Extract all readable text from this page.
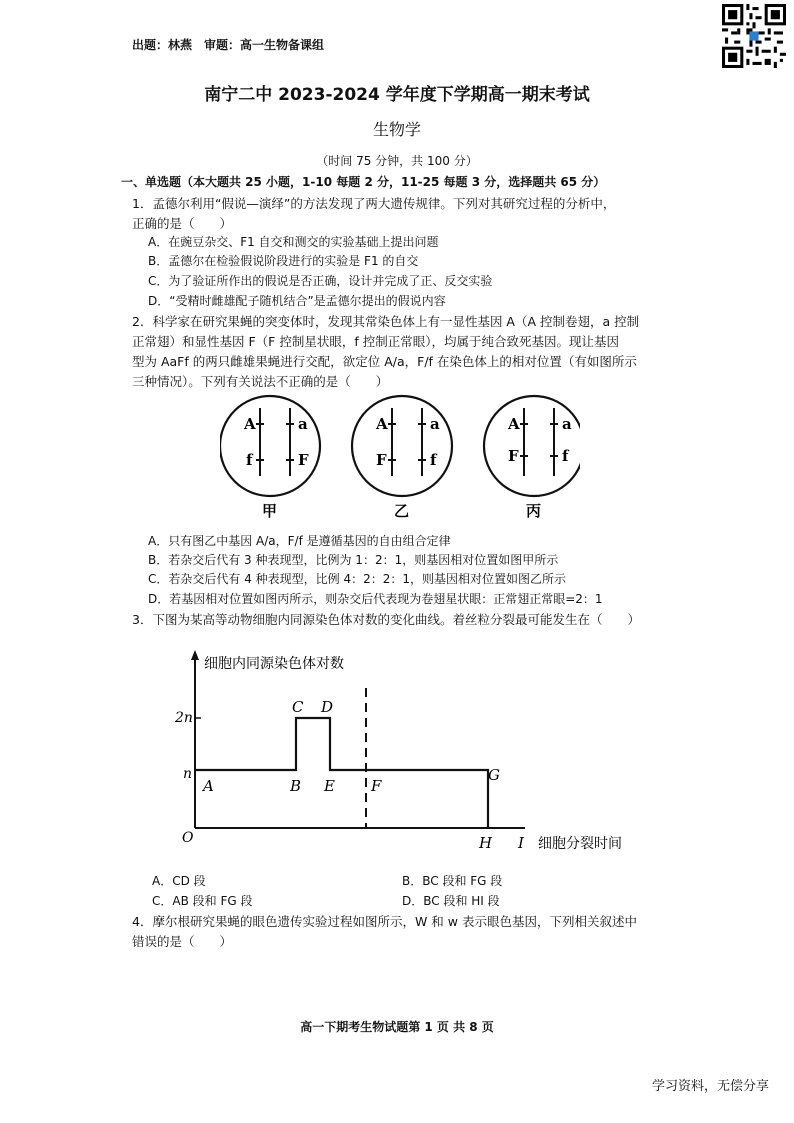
出题：林燕　审题：高一生物备课组
南宁二中 2023-2024 学年度下学期高一期末考试
生物学
（时间 75 分钟，共 100 分）
一、单选题（本大题共 25 小题，1-10 每题 2 分，11-25 每题 3 分，选择题共 65 分）
1．孟德尔利用“假说—演绎”的方法发现了两大遗传规律。下列对其研究过程的分析中，
正确的是（　　）
A．在豌豆杂交、F1 自交和测交的实验基础上提出问题
B．孟德尔在检验假说阶段进行的实验是 F1 的自交
C．为了验证所作出的假说是否正确，设计并完成了正、反交实验
D．“受精时雌雄配子随机结合”是孟德尔提出的假说内容
2．科学家在研究果蝇的突变体时，发现其常染色体上有一显性基因 A（A 控制卷翅，a 控制
正常翅）和显性基因 F（F 控制星状眼，f 控制正常眼），均属于纯合致死基因。现让基因
型为 AaFf 的两只雌雄果蝇进行交配，欲定位 A/a，F/f 在染色体上的相对位置（有如图所示
三种情况）。下列有关说法不正确的是（　　）
A	a
f	F
甲
A	a
F	f
乙
A	a
F	f
丙
A．只有图乙中基因 A/a，F/f 是遵循基因的自由组合定律
B．若杂交后代有 3 种表现型，比例为 1：2：1，则基因相对位置如图甲所示
C．若杂交后代有 4 种表现型，比例 4：2：2：1，则基因相对位置如图乙所示
D．若基因相对位置如图丙所示，则杂交后代表现为卷翅星状眼：正常翅正常眼=2：1
3．下图为某高等动物细胞内同源染色体对数的变化曲线。着丝粒分裂最可能发生在（　　）
细胞内同源染色体对数
2n
n
O
A	B
C D
E F
G
H I 细胞分裂时间
A．CD 段	B．BC 段和 FG 段
C．AB 段和 FG 段	D．BC 段和 HI 段
4．摩尔根研究果蝇的眼色遗传实验过程如图所示，W 和 w 表示眼色基因，下列相关叙述中
错误的是（　　）
高一下期考生物试题第 1 页 共 8 页
学习资料，无偿分享
